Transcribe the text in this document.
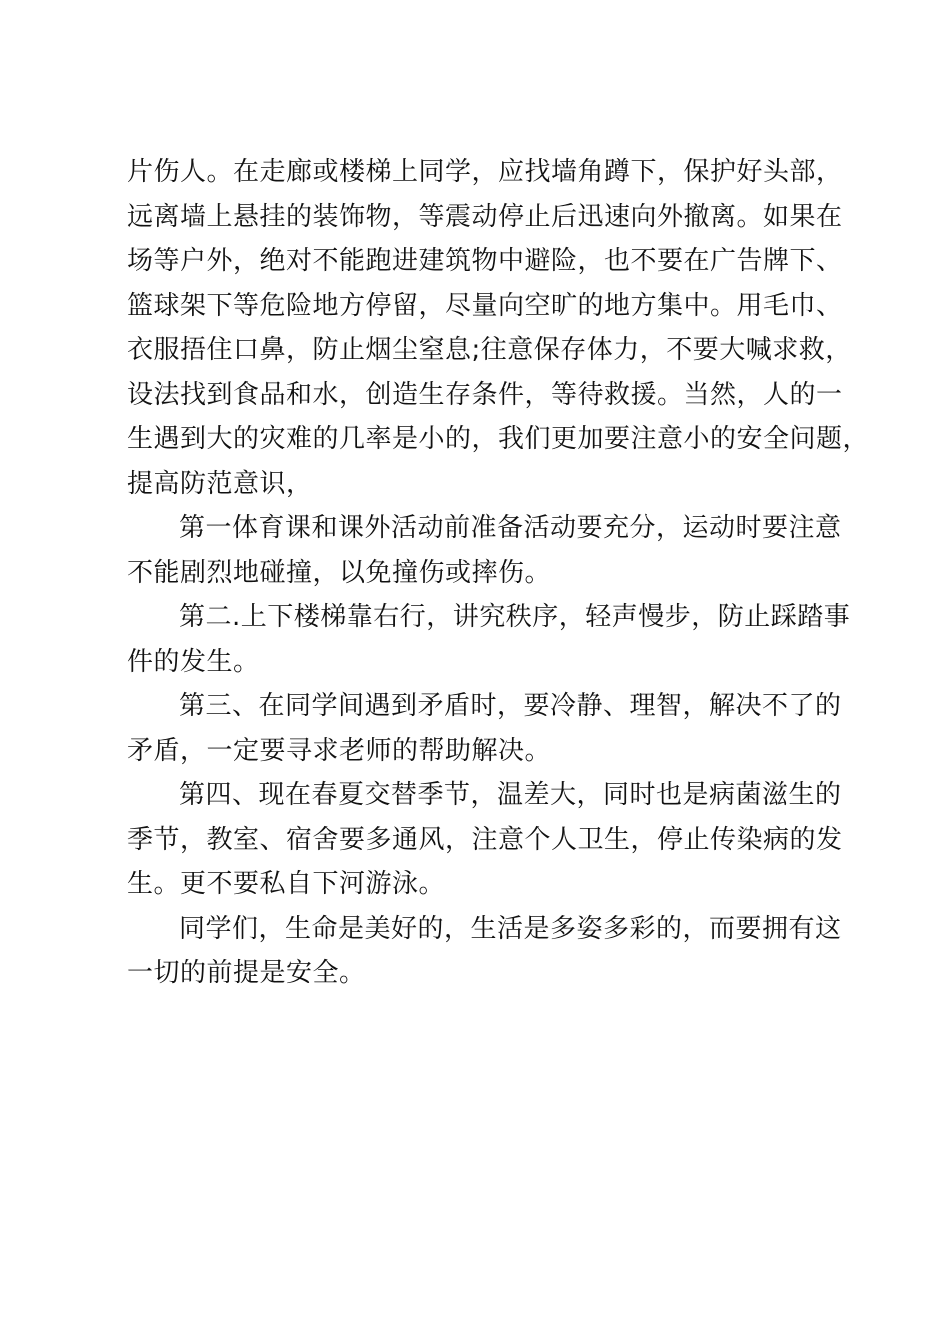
片伤人。在走廊或楼梯上同学，应找墙角蹲下，保护好头部，
远离墙上悬挂的装饰物，等震动停止后迅速向外撤离。如果在
场等户外，绝对不能跑进建筑物中避险，也不要在广告牌下、
篮球架下等危险地方停留，尽量向空旷的地方集中。用毛巾、
衣服捂住口鼻，防止烟尘窒息;往意保存体力，不要大喊求救，
设法找到食品和水，创造生存条件，等待救援。当然，人的一
生遇到大的灾难的几率是小的，我们更加要注意小的安全问题，
提高防范意识，
第一体育课和课外活动前准备活动要充分，运动时要注意
不能剧烈地碰撞，以免撞伤或摔伤。
第二.上下楼梯靠右行，讲究秩序，轻声慢步，防止踩踏事
件的发生。
第三、在同学间遇到矛盾时，要冷静、理智，解决不了的
矛盾，一定要寻求老师的帮助解决。
第四、现在春夏交替季节，温差大，同时也是病菌滋生的
季节，教室、宿舍要多通风，注意个人卫生，停止传染病的发
生。更不要私自下河游泳。
同学们，生命是美好的，生活是多姿多彩的，而要拥有这
一切的前提是安全。
